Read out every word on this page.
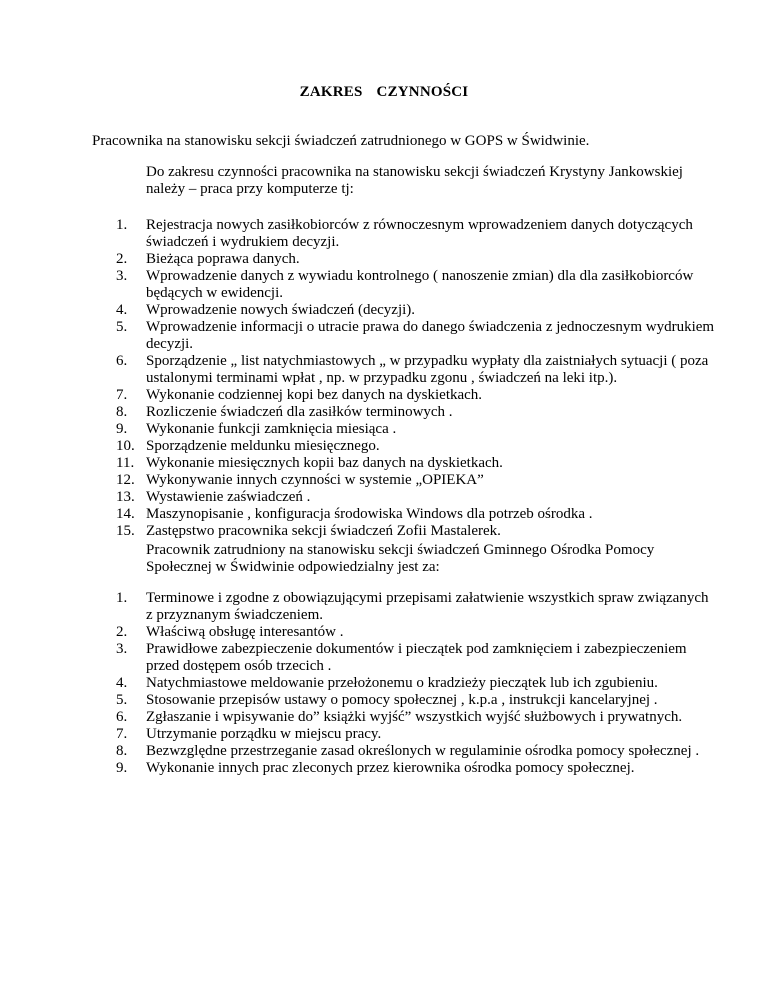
ZAKRES CZYNNOŚCI

Pracownika na stanowisku sekcji świadczeń zatrudnionego w GOPS w Świdwinie.

Do zakresu czynności pracownika na stanowisku sekcji świadczeń Krystyny Jankowskiej należy – praca przy komputerze tj:

1.	Rejestracja nowych zasiłkobiorców z równoczesnym wprowadzeniem danych dotyczących świadczeń i wydrukiem decyzji.
2.	Bieżąca poprawa danych.
3.	Wprowadzenie danych z wywiadu kontrolnego ( nanoszenie zmian) dla dla zasiłkobiorców będących w ewidencji.
4.	Wprowadzenie nowych świadczeń (decyzji).
5.	Wprowadzenie informacji o utracie prawa do danego świadczenia z jednoczesnym wydrukiem decyzji.
6.	Sporządzenie „ list natychmiastowych „ w przypadku wypłaty dla zaistniałych sytuacji ( poza ustalonymi terminami wpłat , np. w przypadku zgonu , świadczeń na leki itp.).
7.	Wykonanie codziennej kopi bez danych na dyskietkach.
8.	Rozliczenie świadczeń dla zasiłków terminowych .
9.	Wykonanie funkcji zamknięcia miesiąca .
10. Sporządzenie meldunku miesięcznego.
11. Wykonanie miesięcznych kopii baz danych na dyskietkach.
12. Wykonywanie innych czynności w systemie „OPIEKA”
13. Wystawienie zaświadczeń .
14. Maszynopisanie , konfiguracja środowiska Windows dla potrzeb ośrodka .
15. Zastępstwo pracownika sekcji świadczeń Zofii Mastalerek.

Pracownik zatrudniony na stanowisku sekcji świadczeń Gminnego Ośrodka Pomocy Społecznej w Świdwinie odpowiedzialny jest za:

1.	Terminowe i zgodne z obowiązującymi przepisami załatwienie wszystkich spraw związanych z przyznanym świadczeniem.
2.	Właściwą obsługę interesantów .
3.	Prawidłowe zabezpieczenie dokumentów i pieczątek pod zamknięciem i zabezpieczeniem przed dostępem osób trzecich .
4.	Natychmiastowe meldowanie przełożonemu o kradzieży pieczątek lub ich zgubieniu.
5.	Stosowanie przepisów ustawy o pomocy społecznej , k.p.a , instrukcji kancelaryjnej .
6.	Zgłaszanie i wpisywanie do” książki wyjść” wszystkich wyjść służbowych i prywatnych.
7.	Utrzymanie porządku w miejscu pracy.
8.	Bezwzględne przestrzeganie zasad określonych w regulaminie ośrodka pomocy społecznej .
9.	Wykonanie innych prac zleconych przez kierownika ośrodka pomocy społecznej.
